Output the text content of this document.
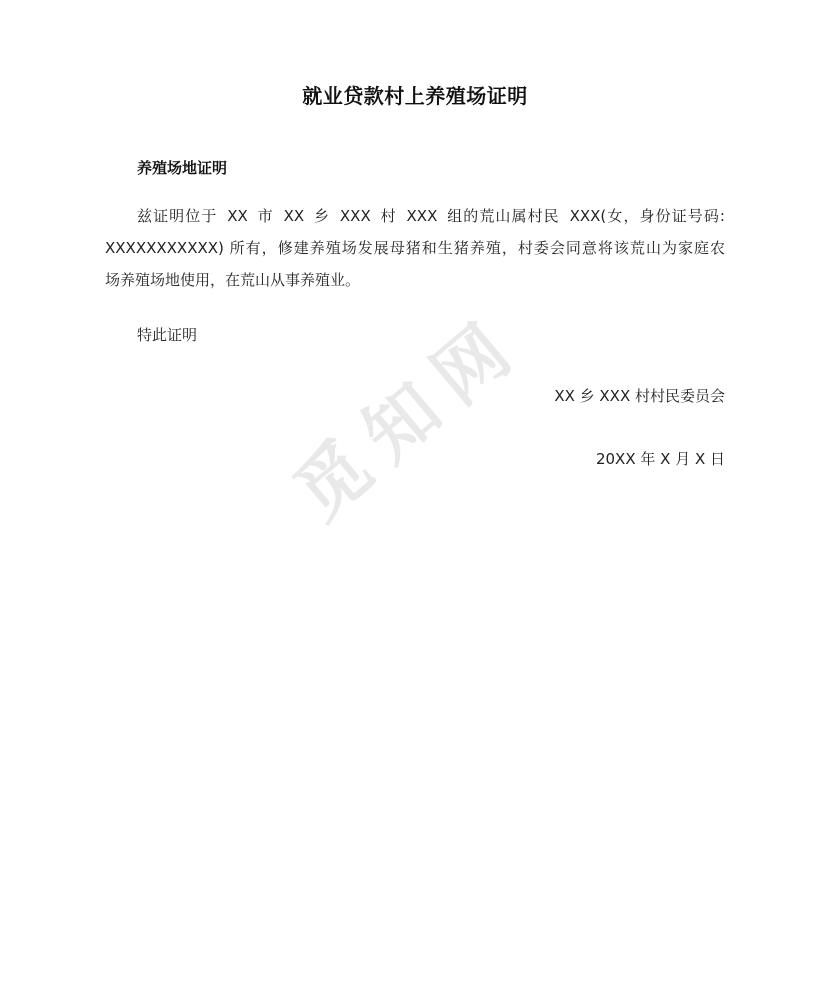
觅知网
就业贷款村上养殖场证明
养殖场地证明
兹证明位于 XX 市 XX 乡 XXX 村 XXX 组的荒山属村民 XXX(女，身份证号码:
XXXXXXXXXXX) 所有，修建养殖场发展母猪和生猪养殖，村委会同意将该荒山为家庭农
场养殖场地使用，在荒山从事养殖业。
特此证明
XX 乡 XXX 村村民委员会
20XX 年 X 月 X 日
